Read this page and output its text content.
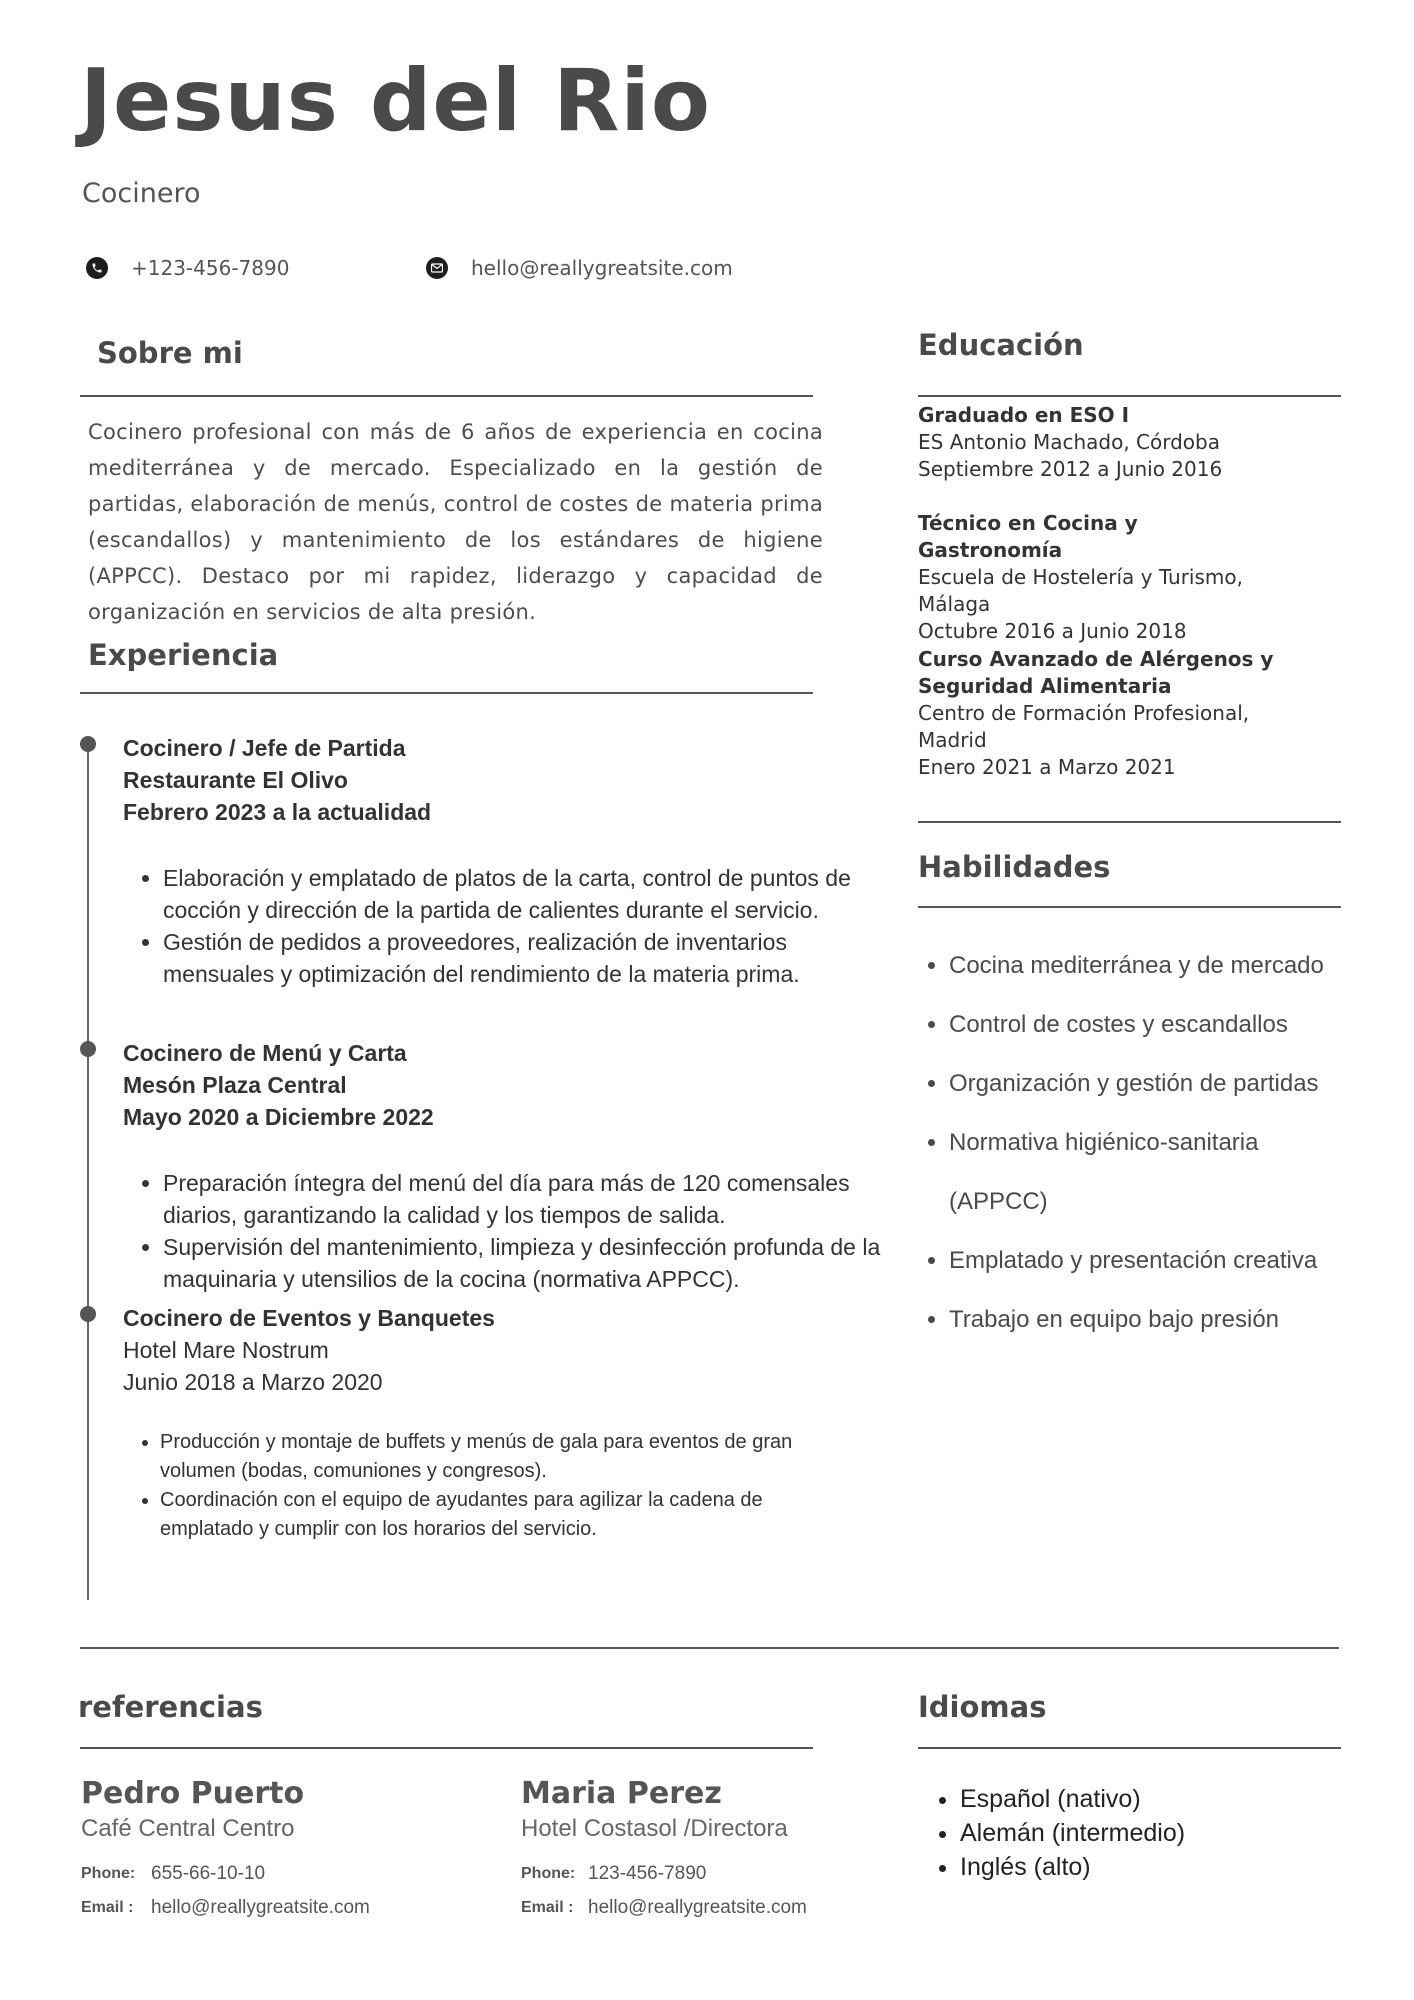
Jesus del Rio
Cocinero
+123-456-7890	hello@reallygreatsite.com
Sobre mi
Cocinero profesional con más de 6 años de experiencia en cocina mediterránea y de mercado. Especializado en la gestión de partidas, elaboración de menús, control de costes de materia prima (escandallos) y mantenimiento de los estándares de higiene (APPCC). Destaco por mi rapidez, liderazgo y capacidad de organización en servicios de alta presión.
Experiencia
Cocinero / Jefe de Partida
Restaurante El Olivo
Febrero 2023 a la actualidad
• Elaboración y emplatado de platos de la carta, control de puntos de cocción y dirección de la partida de calientes durante el servicio.
• Gestión de pedidos a proveedores, realización de inventarios mensuales y optimización del rendimiento de la materia prima.
Cocinero de Menú y Carta
Mesón Plaza Central
Mayo 2020 a Diciembre 2022
• Preparación íntegra del menú del día para más de 120 comensales diarios, garantizando la calidad y los tiempos de salida.
• Supervisión del mantenimiento, limpieza y desinfección profunda de la maquinaria y utensilios de la cocina (normativa APPCC).
Cocinero de Eventos y Banquetes
Hotel Mare Nostrum
Junio 2018 a Marzo 2020
• Producción y montaje de buffets y menús de gala para eventos de gran volumen (bodas, comuniones y congresos).
• Coordinación con el equipo de ayudantes para agilizar la cadena de emplatado y cumplir con los horarios del servicio.
Educación
Graduado en ESO I
ES Antonio Machado, Córdoba
Septiembre 2012 a Junio 2016
Técnico en Cocina y Gastronomía
Escuela de Hostelería y Turismo, Málaga
Octubre 2016 a Junio 2018
Curso Avanzado de Alérgenos y Seguridad Alimentaria
Centro de Formación Profesional, Madrid
Enero 2021 a Marzo 2021
Habilidades
• Cocina mediterránea y de mercado
• Control de costes y escandallos
• Organización y gestión de partidas
• Normativa higiénico-sanitaria (APPCC)
• Emplatado y presentación creativa
• Trabajo en equipo bajo presión
referencias
Pedro Puerto
Café Central Centro
Phone: 655-66-10-10
Email : hello@reallygreatsite.com
Maria Perez
Hotel Costasol /Directora
Phone: 123-456-7890
Email : hello@reallygreatsite.com
Idiomas
• Español (nativo)
• Alemán (intermedio)
• Inglés (alto)
